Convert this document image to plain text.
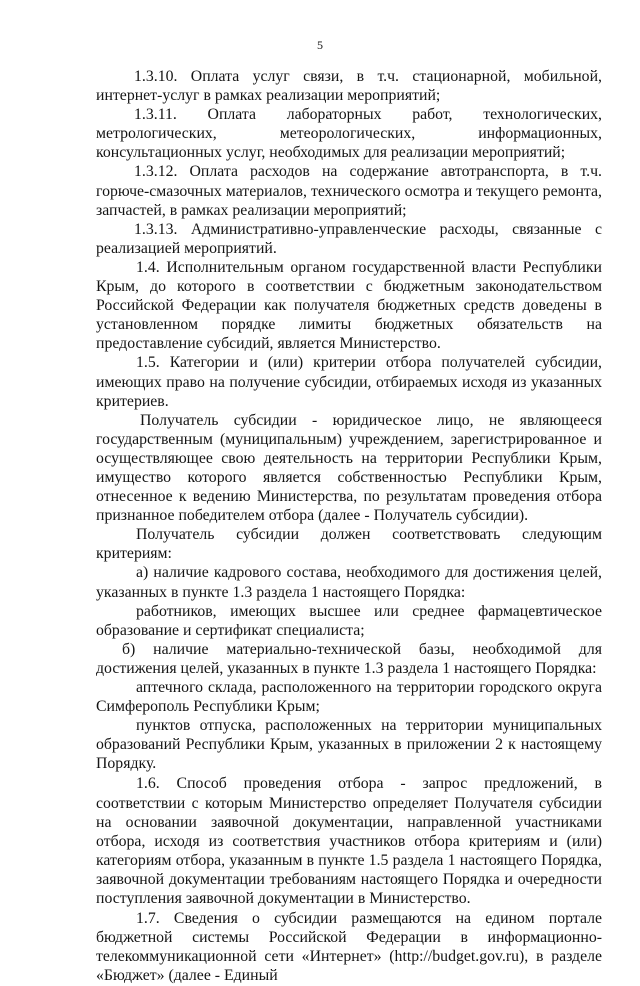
5

1.3.10. Оплата услуг связи, в т.ч. стационарной, мобильной, интернет-услуг в рамках реализации мероприятий;

1.3.11. Оплата лабораторных работ, технологических, метрологических, метеорологических, информационных, консультационных услуг, необходимых для реализации мероприятий;

1.3.12. Оплата расходов на содержание автотранспорта, в т.ч. горюче-смазочных материалов, технического осмотра и текущего ремонта, запчастей, в рамках реализации мероприятий;

1.3.13. Административно-управленческие расходы, связанные с реализацией мероприятий.

1.4. Исполнительным органом государственной власти Республики Крым, до которого в соответствии с бюджетным законодательством Российской Федерации как получателя бюджетных средств доведены в установленном порядке лимиты бюджетных обязательств на предоставление субсидий, является Министерство.

1.5. Категории и (или) критерии отбора получателей субсидии, имеющих право на получение субсидии, отбираемых исходя из указанных критериев.

Получатель субсидии - юридическое лицо, не являющееся государственным (муниципальным) учреждением, зарегистрированное и осуществляющее свою деятельность на территории Республики Крым, имущество которого является собственностью Республики Крым, отнесенное к ведению Министерства, по результатам проведения отбора признанное победителем отбора (далее - Получатель субсидии).

Получатель субсидии должен соответствовать следующим критериям:

а) наличие кадрового состава, необходимого для достижения целей, указанных в пункте 1.3 раздела 1 настоящего Порядка:

работников, имеющих высшее или среднее фармацевтическое образование и сертификат специалиста;

б) наличие материально-технической базы, необходимой для достижения целей, указанных в пункте 1.3 раздела 1 настоящего Порядка:

аптечного склада, расположенного на территории городского округа Симферополь Республики Крым;

пунктов отпуска, расположенных на территории муниципальных образований Республики Крым, указанных в приложении 2 к настоящему Порядку.

1.6. Способ проведения отбора - запрос предложений, в соответствии с которым Министерство определяет Получателя субсидии на основании заявочной документации, направленной участниками отбора, исходя из соответствия участников отбора критериям и (или) категориям отбора, указанным в пункте 1.5 раздела 1 настоящего Порядка, заявочной документации требованиям настоящего Порядка и очередности поступления заявочной документации в Министерство.

1.7. Сведения о субсидии размещаются на едином портале бюджетной системы Российской Федерации в информационно-телекоммуникационной сети «Интернет» (http://budget.gov.ru), в разделе «Бюджет» (далее - Единый
